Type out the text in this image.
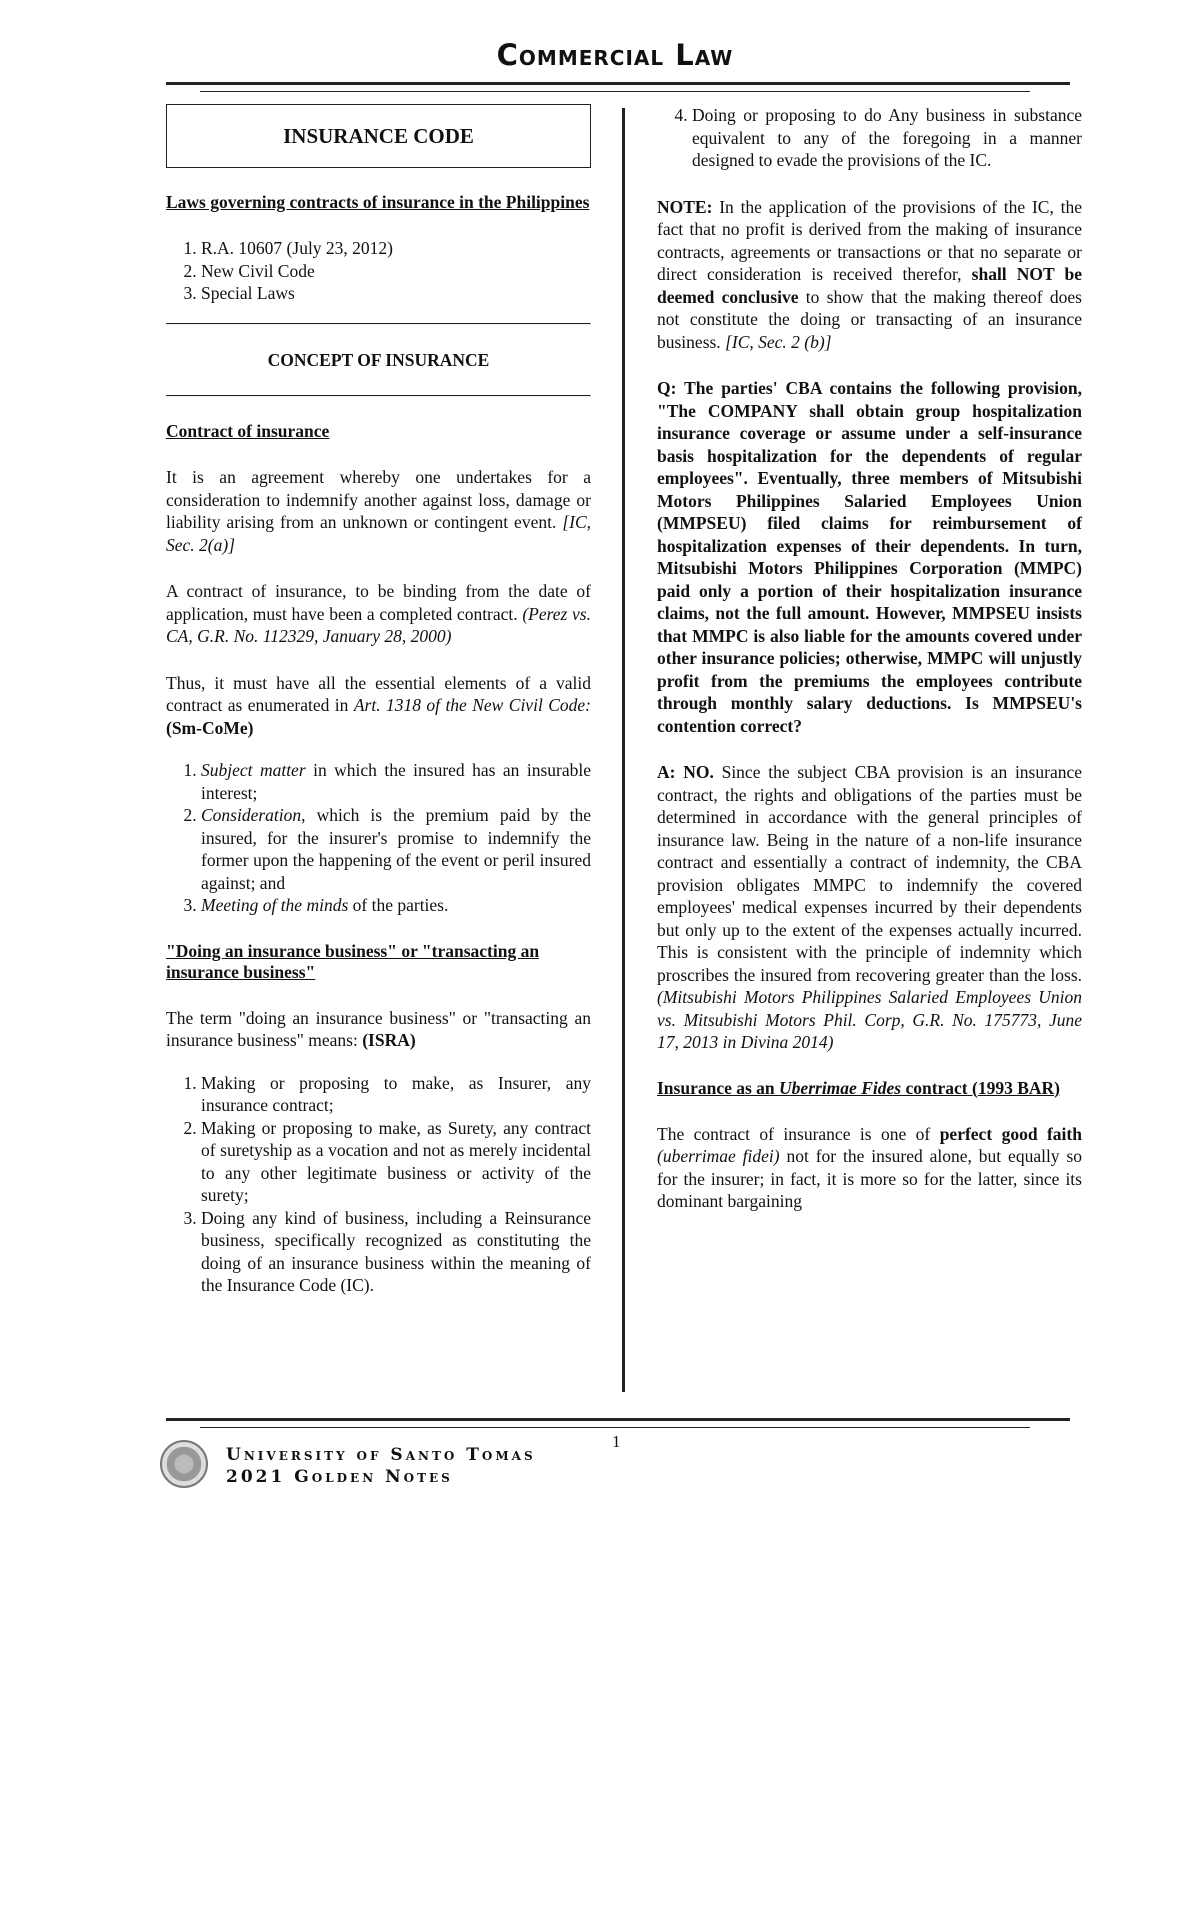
Commercial Law
INSURANCE CODE

Laws governing contracts of insurance in the Philippines

1. R.A. 10607 (July 23, 2012)
2. New Civil Code
3. Special Laws

CONCEPT OF INSURANCE

Contract of insurance

It is an agreement whereby one undertakes for a consideration to indemnify another against loss, damage or liability arising from an unknown or contingent event. [IC, Sec. 2(a)]

A contract of insurance, to be binding from the date of application, must have been a completed contract. (Perez vs. CA, G.R. No. 112329, January 28, 2000)

Thus, it must have all the essential elements of a valid contract as enumerated in Art. 1318 of the New Civil Code: (Sm-CoMe)

1. Subject matter in which the insured has an insurable interest;
2. Consideration, which is the premium paid by the insured, for the insurer's promise to indemnify the former upon the happening of the event or peril insured against; and
3. Meeting of the minds of the parties.

"Doing an insurance business" or "transacting an insurance business"

The term "doing an insurance business" or "transacting an insurance business" means: (ISRA)

1. Making or proposing to make, as Insurer, any insurance contract;
2. Making or proposing to make, as Surety, any contract of suretyship as a vocation and not as merely incidental to any other legitimate business or activity of the surety;
3. Doing any kind of business, including a Reinsurance business, specifically recognized as constituting the doing of an insurance business within the meaning of the Insurance Code (IC).
4. Doing or proposing to do Any business in substance equivalent to any of the foregoing in a manner designed to evade the provisions of the IC.

NOTE: In the application of the provisions of the IC, the fact that no profit is derived from the making of insurance contracts, agreements or transactions or that no separate or direct consideration is received therefor, shall NOT be deemed conclusive to show that the making thereof does not constitute the doing or transacting of an insurance business. [IC, Sec. 2 (b)]

Q: The parties' CBA contains the following provision, "The COMPANY shall obtain group hospitalization insurance coverage or assume under a self-insurance basis hospitalization for the dependents of regular employees". Eventually, three members of Mitsubishi Motors Philippines Salaried Employees Union (MMPSEU) filed claims for reimbursement of hospitalization expenses of their dependents. In turn, Mitsubishi Motors Philippines Corporation (MMPC) paid only a portion of their hospitalization insurance claims, not the full amount. However, MMPSEU insists that MMPC is also liable for the amounts covered under other insurance policies; otherwise, MMPC will unjustly profit from the premiums the employees contribute through monthly salary deductions. Is MMPSEU's contention correct?

A: NO. Since the subject CBA provision is an insurance contract, the rights and obligations of the parties must be determined in accordance with the general principles of insurance law. Being in the nature of a non-life insurance contract and essentially a contract of indemnity, the CBA provision obligates MMPC to indemnify the covered employees' medical expenses incurred by their dependents but only up to the extent of the expenses actually incurred. This is consistent with the principle of indemnity which proscribes the insured from recovering greater than the loss. (Mitsubishi Motors Philippines Salaried Employees Union vs. Mitsubishi Motors Phil. Corp, G.R. No. 175773, June 17, 2013 in Divina 2014)

Insurance as an Uberrimae Fides contract (1993 BAR)

The contract of insurance is one of perfect good faith (uberrimae fidei) not for the insured alone, but equally so for the insurer; in fact, it is more so for the latter, since its dominant bargaining

1
University of Santo Tomas
2021 Golden Notes
